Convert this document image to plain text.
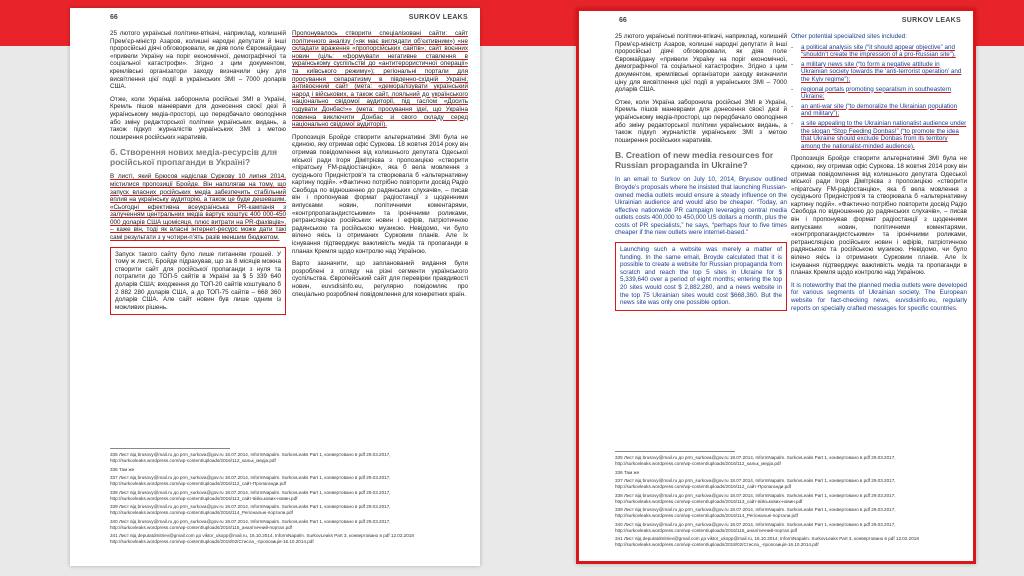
66	SURKOV LEAKS

25 лютого українські політики-втікачі, наприклад, колишній Прем’єр-міністр Азаров, колишні народні депутати й інші проросійські діячі обговорювали, як діяв поле Євромайдану «привели Україну на поріг економічної, демографічної та соціальної катастрофи». Згідно з цим документом, кремлівські організатори заходу визначили ціну для висвітлення цієї події в українських ЗМІ – 7000 доларів США.

Отже, коли Україна заборонила російські ЗМІ в Україні, Кремль пішов маневрами для донесення своєї дезі й українському медіа-просторі, що передбачало оволодіння або зміну редакторської політики українських видань, а також підкуп журналістів українських ЗМІ з метою поширення російських наративів.

б. Створення нових медіа-ресурсів для російської пропаганди в Україні?

В листі, який Брюсов надіслав Суркову 10 липня 2014, містилися пропозиції Бройде. Він наполягав на тому, що запуск власних російських медіа забезпечить стабільний вплив на українську аудиторію, а також це буде дешевшим. «Сьогодні ефективна всеукраїнська PR-кампанія з залученням центральних медіа вартує коштує 400 000-450 000 доларів США щомісяця, плюс витрати на PR-фахівців», – каже він, тоді як власні інтернет-ресурс може дати такі самі результати з у чотири-п’ять разів меншим бюджетом.

Запуск такого сайту було лише питанням грошей. У тому ж листі, Бройде підрахував, що за 8 місяців можна створити сайт для російської пропаганди з нуля та потрапити до ТОП-5 сайтів в Україні за $ 5 339 640 доларів США; входження до ТОП-20 сайтів коштувало б 2 882 280 доларів США, а до ТОП-75 сайтів – 668 360 доларів США. Але сайт новин був лише одним із можливих рішень.

Пропонувалось створити спеціалізовані сайти: сайт політичного аналізу («як має виглядати об’єктивним») «не складати враження «пропорсійських сайтів»; сайт воєнних новин (ціль: «формувати негативне ставлення в українському суспільстві до «антитерористичної операції» та київського режиму»); регіональні портали для просування сепаратизму в південно-східній Україні; антивоєнний сайт (мета: «деморалізувати український народ і військових, а також сайт, лояльний до українського національно свідомої аудиторії, під гаслом «Досить годувати Донбас!»» (мета: просування ідеї, що Україна повинна виключити Донбас зі свого складу серед національно свідомої аудиторії).

Пропозиція Бройде створити альтернативні ЗМІ була не єдиною, яку отримав офіс Суркова. 18 жовтня 2014 року він отримав повідомлення від колишнього депутата Одеської міської ради Ігоря Дімітрієва з пропозицією «створити «піратську FM-радіостанцію», яка б вела мовлення з сусіднього Придністров’я та створювала б «альтернативну картину подій». «Фактично потрібно повторити досвід Радіо Свобода по відношенню до радянських слухачів», – писав він і пропонував формат радіостанції з щоденними випусками новин, політичними коментарями, «контрпропагандистськими» та іронічними роликами, ретрансляцією російських новин і ефірів, патріотичною радянською та російською музикою. Невідомо, чи було вілено якісь із отриманих Сурковим планів. Але їх існування підтверджує важливість медіа та пропаганди в планах Кремля щодо контролю над Україною.

Варто зазначити, що запланований видання були розроблені з огляду на різні сегменти українського суспільства. Європейський сайт для перевірки правдивості новин, euvsdisinfo.eu, регулярно повідомляє про спеціально розроблені повідомлення для конкретних країн.

335 Лист від brusovy@mail.ru до prm_surkova@gov.ru 18.07.2014, InformNapalm. SurkovLeaks Part 1, конвертовано в pdf 29.03.2017, http://surkovleaks.wordpress.com/wp-content/uploads/2016/112_кальк_медіа.pdf
336 Там же
337 Лист від brusovy@mail.ru до prm_surkova@gov.ru 18.07.2014, InformNapalm. SurkovLeaks Part 1, конвертовано в pdf 29.03.2017, http://surkovleaks.wordpress.com/wp-content/uploads/2016/112_сайт-Пропаганди.pdf
338 Лист від brusovy@mail.ru до prm_surkova@gov.ru 18.07.2014, InformNapalm. SurkovLeaks Part 1, конвертовано в pdf 29.03.2017, http://surkovleaks.wordpress.com/wp-content/uploads/2016/113_сайт-військових-новин.pdf
339 Лист від brusovy@mail.ru до prm_surkova@gov.ru 18.07.2014, InformNapalm. SurkovLeaks Part 1, конвертовано в pdf 29.03.2017, http://surkovleaks.wordpress.com/wp-content/uploads/2016/114_Регіональні-портали.pdf
340 Лист від brusovy@mail.ru до prm_surkova@gov.ru 18.07.2014, InformNapalm. SurkovLeaks Part 1, конвертовано в pdf 29.03.2017, http://surkovleaks.wordpress.com/wp-content/uploads/2016/115_аналітичний-портал.pdf
341 Лист від deputatdmitriev@gmail.com до viktor_ukopp@mail.ru, 16.10.2014, InformNapalm. SurkovLeaks Part 3, конвертовано в pdf 12.02.2018 http://surkovleaks.wordpress.com/wp-content/uploads/2018/02/Стисла_-пропозиція-16.10.2014.pdf
66	SURKOV LEAKS

25 лютого українські політики-втікачі, наприклад, колишній Прем’єр-міністр Азаров, колишні народні депутати й інші проросійські діячі обговорювали, як діяв поле Євромайдану «привели Україну на поріг економічної, демографічної та соціальної катастрофи». Згідно з цим документом, кремлівські організатори заходу визначили ціну для висвітлення цієї події в українських ЗМІ – 7000 доларів США.

Отже, коли Україна заборонила російські ЗМІ в Україні, Кремль пішов маневрами для донесення своєї дезі й українському медіа-просторі, що передбачало оволодіння або зміну редакторської політики українських видань, а також підкуп журналістів українських ЗМІ з метою поширення російських наративів.

B. Creation of new media resources for Russian propaganda in Ukraine?

In an email to Surkov on July 10, 2014, Bryusov outlined Broyde’s proposals where he insisted that launching Russian-owned media outlets would ensure a steady influence on the Ukrainian audience and would also be cheaper. “Today, an effective nationwide PR campaign leveraging central media outlets costs 400,000 to 450,000 US dollars a month, plus the costs of PR specialists,” he says, “perhaps four to five times cheaper if the new outlets were internet-based.”

Launching such a website was merely a matter of funding. In the same email, Broyde calculated that it is possible to create a website for Russian propaganda from scratch and reach the top 5 sites in Ukraine for $ 5,339,640 over a period of eight months; entering the top 20 sites would cost $ 2,882,280, and a news website in the top 75 Ukrainian sites would cost $668,360. But the news site was only one possible option.

Other potential specialized sites included:

-	a political analysis site (“it should appear objective” and “shouldn’t create the impression of a pro-Russian site”),
-	a military news site (“to form a negative attitude in Ukrainian society towards the ‘anti-terrorist operation’ and the Kyiv regime”);
-	regional portals promoting separatism in southeastern Ukraine;
-	an anti-war site (“to demoralize the Ukrainian population and military”);
-	a site appealing to the Ukrainian nationalist audience under the slogan “Stop Feeding Donbas!” (“to promote the idea that Ukraine should exclude Donbas from its territory among the nationalist-minded audience).

Пропозиція Бройде створити альтернативні ЗМІ була не єдиною, яку отримав офіс Суркова. 18 жовтня 2014 року він отримав повідомлення від колишнього депутата Одеської міської ради Ігоря Дімітрієва з пропозицією «створити «піратську FM-радіостанцію», яка б вела мовлення з сусіднього Придністров’я та створювала б «альтернативну картину подій». «Фактично потрібно повторити досвід Радіо Свобода по відношенню до радянських слухачів», – писав він і пропонував формат радіостанції з щоденними випусками новин, політичними коментарями, «контрпропагандистськими» та іронічними роликами, ретрансляцією російських новин і ефірів, патріотичною радянською та російською музикою. Невідомо, чи було вілено якісь із отриманих Сурковим планів. Але їх існування підтверджує важливість медіа та пропаганди в планах Кремля щодо контролю над Україною.

It is noteworthy that the planned media outlets were developed for various segments of Ukrainian society. The European website for fact-checking news, euvsdisinfo.eu, regularly reports on specially crafted messages for specific countries.

335 Лист від brusovy@mail.ru до prm_surkova@gov.ru 18.07.2014, InformNapalm. SurkovLeaks Part 1, конвертовано в pdf 29.03.2017, http://surkovleaks.wordpress.com/wp-content/uploads/2016/112_кальк_медіа.pdf
336 Там же
337 Лист від brusovy@mail.ru до prm_surkova@gov.ru 18.07.2014, InformNapalm. SurkovLeaks Part 1, конвертовано в pdf 29.03.2017, http://surkovleaks.wordpress.com/wp-content/uploads/2016/112_сайт-Пропаганди.pdf
338 Лист від brusovy@mail.ru до prm_surkova@gov.ru 18.07.2014, InformNapalm. SurkovLeaks Part 1, конвертовано в pdf 29.03.2017, http://surkovleaks.wordpress.com/wp-content/uploads/2016/113_сайт-військових-новин.pdf
339 Лист від brusovy@mail.ru до prm_surkova@gov.ru 18.07.2014, InformNapalm. SurkovLeaks Part 1, конвертовано в pdf 29.03.2017, http://surkovleaks.wordpress.com/wp-content/uploads/2016/114_Регіональні-портали.pdf
340 Лист від brusovy@mail.ru до prm_surkova@gov.ru 18.07.2014, InformNapalm. SurkovLeaks Part 1, конвертовано в pdf 29.03.2017, http://surkovleaks.wordpress.com/wp-content/uploads/2016/115_аналітичний-портал.pdf
341 Лист від deputatdmitriev@gmail.com до viktor_ukopp@mail.ru, 16.10.2014, InformNapalm. SurkovLeaks Part 3, конвертовано в pdf 12.02.2018 http://surkovleaks.wordpress.com/wp-content/uploads/2018/02/Стисла_-пропозиція-16.10.2014.pdf
